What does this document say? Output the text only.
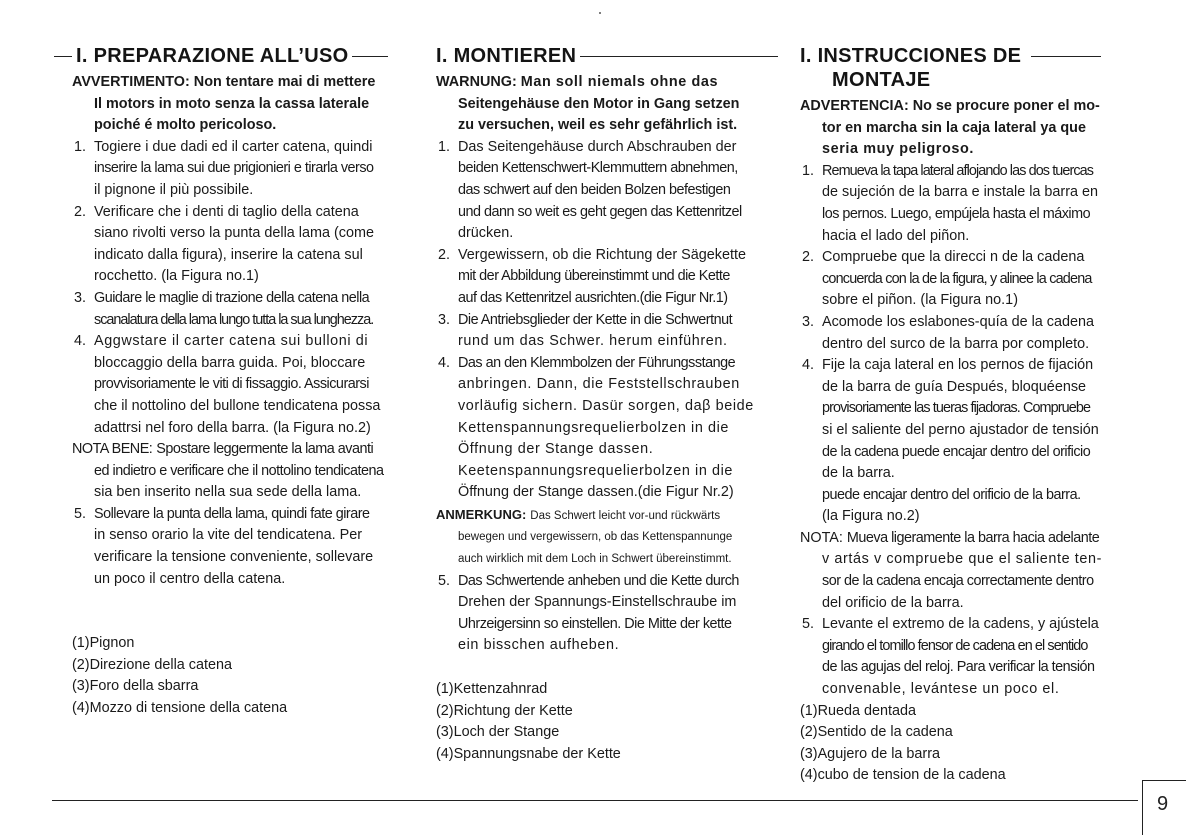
I. PREPARAZIONE ALL’USO
AVVERTIMENTO: Non tentare mai di mettere
Il motors in moto senza la cassa laterale
poiché é molto pericoloso.
1. Togiere i due dadi ed il carter catena, quindi
inserire la lama sui due prigionieri e tirarla verso
il pignone il più possibile.
2. Verificare che i denti di taglio della catena
siano rivolti verso la punta della lama (come
indicato dalla figura), inserire la catena sul
rocchetto. (la Figura no.1)
3. Guidare le maglie di trazione della catena nella
scanalatura della lama lungo tutta la sua lunghezza.
4. Aggwstare il carter catena sui bulloni di
bloccaggio della barra guida. Poi, bloccare
provvisoriamente le viti di fissaggio. Assicurarsi
che il nottolino del bullone tendicatena possa
adattrsi nel foro della barra. (la Figura no.2)
NOTA BENE: Spostare leggermente la lama avanti
ed indietro e verificare che il nottolino tendicatena
sia ben inserito nella sua sede della lama.
5. Sollevare la punta della lama, quindi fate girare
in senso orario la vite del tendicatena. Per
verificare la tensione conveniente, sollevare
un poco il centro della catena.
(1)Pignon
(2)Direzione della catena
(3)Foro della sbarra
(4)Mozzo di tensione della catena
I. MONTIEREN
WARNUNG: Man soll niemals ohne das
Seitengehäuse den Motor in Gang setzen
zu versuchen, weil es sehr gefährlich ist.
1. Das Seitengehäuse durch Abschrauben der
beiden Kettenschwert-Klemmuttern abnehmen,
das schwert auf den beiden Bolzen befestigen
und dann so weit es geht gegen das Kettenritzel
drücken.
2. Vergewissern, ob die Richtung der Sägekette
mit der Abbildung übereinstimmt und die Kette
auf das Kettenritzel ausrichten.(die Figur Nr.1)
3. Die Antriebsglieder der Kette in die Schwertnut
rund um das Schwer. herum einführen.
4. Das an den Klemmbolzen der Führungsstange
anbringen. Dann, die Feststellschrauben
vorläufig sichern. Dasür sorgen, daβ beide
Kettenspannungsrequelierbolzen in die
Öffnung der Stange dassen.
Keetenspannungsrequelierbolzen in die
Öffnung der Stange dassen.(die Figur Nr.2)
ANMERKUNG: Das Schwert leicht vor-und rückwärts
bewegen und vergewissern, ob das Kettenspannunge
auch wirklich mit dem Loch in Schwert übereinstimmt.
5. Das Schwertende anheben und die Kette durch
Drehen der Spannungs-Einstellschraube im
Uhrzeigersinn so einstellen. Die Mitte der kette
ein bisschen aufheben.
(1)Kettenzahnrad
(2)Richtung der Kette
(3)Loch der Stange
(4)Spannungsnabe der Kette
I. INSTRUCCIONES DE
MONTAJE
ADVERTENCIA: No se procure poner el mo-
tor en marcha sin la caja lateral ya que
seria muy peligroso.
1. Remueva la tapa lateral aflojando las dos tuercas
de sujeción de la barra e instale la barra en
los pernos. Luego, empújela hasta el máximo
hacia el lado del piñon.
2. Compruebe que la direcci n de la cadena
concuerda con la de la figura, y alinee la cadena
sobre el piñon. (la Figura no.1)
3. Acomode los eslabones-quía de la cadena
dentro del surco de la barra por completo.
4. Fije la caja lateral en los pernos de fijación
de la barra de guía Después, bloquéense
provisoriamente las tueras fijadoras. Compruebe
si el saliente del perno ajustador de tensión
de la cadena puede encajar dentro del orificio
de la barra.
puede encajar dentro del orificio de la barra.
(la Figura no.2)
NOTA: Mueva ligeramente la barra hacia adelante
v artás v compruebe que el saliente ten-
sor de la cadena encaja correctamente dentro
del orificio de la barra.
5. Levante el extremo de la cadens, y ajústela
girando el tomillo fensor de cadena en el sentido
de las agujas del reloj. Para verificar la tensión
convenable, levántese un poco el.
(1)Rueda dentada
(2)Sentido de la cadena
(3)Agujero de la barra
(4)cubo de tension de la cadena
9
